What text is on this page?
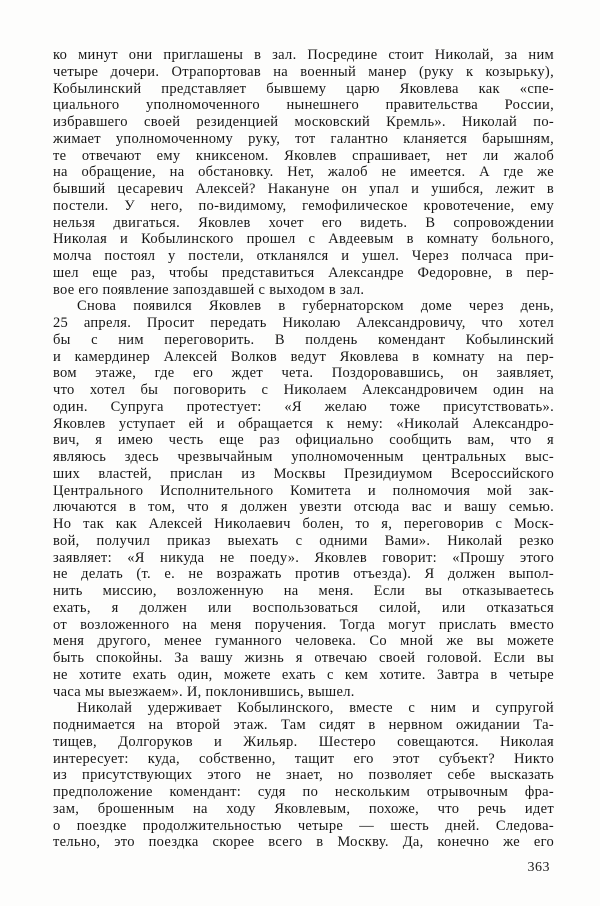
ко минут они приглашены в зал. Посредине стоит Николай, за ним
четыре дочери. Отрапортовав на военный манер (руку к козырьку),
Кобылинский представляет бывшему царю Яковлева как «спе-
циального уполномоченного нынешнего правительства России,
избравшего своей резиденцией московский Кремль». Николай по-
жимает уполномоченному руку, тот галантно кланяется барышням,
те отвечают ему книксеном. Яковлев спрашивает, нет ли жалоб
на обращение, на обстановку. Нет, жалоб не имеется. А где же
бывший цесаревич Алексей? Накануне он упал и ушибся, лежит в
постели. У него, по-видимому, гемофилическое кровотечение, ему
нельзя двигаться. Яковлев хочет его видеть. В сопровождении
Николая и Кобылинского прошел с Авдеевым в комнату больного,
молча постоял у постели, откланялся и ушел. Через полчаса при-
шел еще раз, чтобы представиться Александре Федоровне, в пер-
вое его появление запоздавшей с выходом в зал.
Снова появился Яковлев в губернаторском доме через день,
25 апреля. Просит передать Николаю Александровичу, что хотел
бы с ним переговорить. В полдень комендант Кобылинский
и камердинер Алексей Волков ведут Яковлева в комнату на пер-
вом этаже, где его ждет чета. Поздоровавшись, он заявляет,
что хотел бы поговорить с Николаем Александровичем один на
один. Супруга протестует: «Я желаю тоже присутствовать».
Яковлев уступает ей и обращается к нему: «Николай Александро-
вич, я имею честь еще раз официально сообщить вам, что я
являюсь здесь чрезвычайным уполномоченным центральных выс-
ших властей, прислан из Москвы Президиумом Всероссийского
Центрального Исполнительного Комитета и полномочия мой зак-
лючаются в том, что я должен увезти отсюда вас и вашу семью.
Но так как Алексей Николаевич болен, то я, переговорив с Моск-
вой, получил приказ выехать с одними Вами». Николай резко
заявляет: «Я никуда не поеду». Яковлев говорит: «Прошу этого
не делать (т. е. не возражать против отъезда). Я должен выпол-
нить миссию, возложенную на меня. Если вы отказываетесь
ехать, я должен или воспользоваться силой, или отказаться
от возложенного на меня поручения. Тогда могут прислать вместо
меня другого, менее гуманного человека. Со мной же вы можете
быть спокойны. За вашу жизнь я отвечаю своей головой. Если вы
не хотите ехать один, можете ехать с кем хотите. Завтра в четыре
часа мы выезжаем». И, поклонившись, вышел.
Николай удерживает Кобылинского, вместе с ним и супругой
поднимается на второй этаж. Там сидят в нервном ожидании Та-
тищев, Долгоруков и Жильяр. Шестеро совещаются. Николая
интересует: куда, собственно, тащит его этот субъект? Никто
из присутствующих этого не знает, но позволяет себе высказать
предположение комендант: судя по нескольким отрывочным фра-
зам, брошенным на ходу Яковлевым, похоже, что речь идет
о поездке продолжительностью четыре — шесть дней. Следова-
тельно, это поездка скорее всего в Москву. Да, конечно же его
363
